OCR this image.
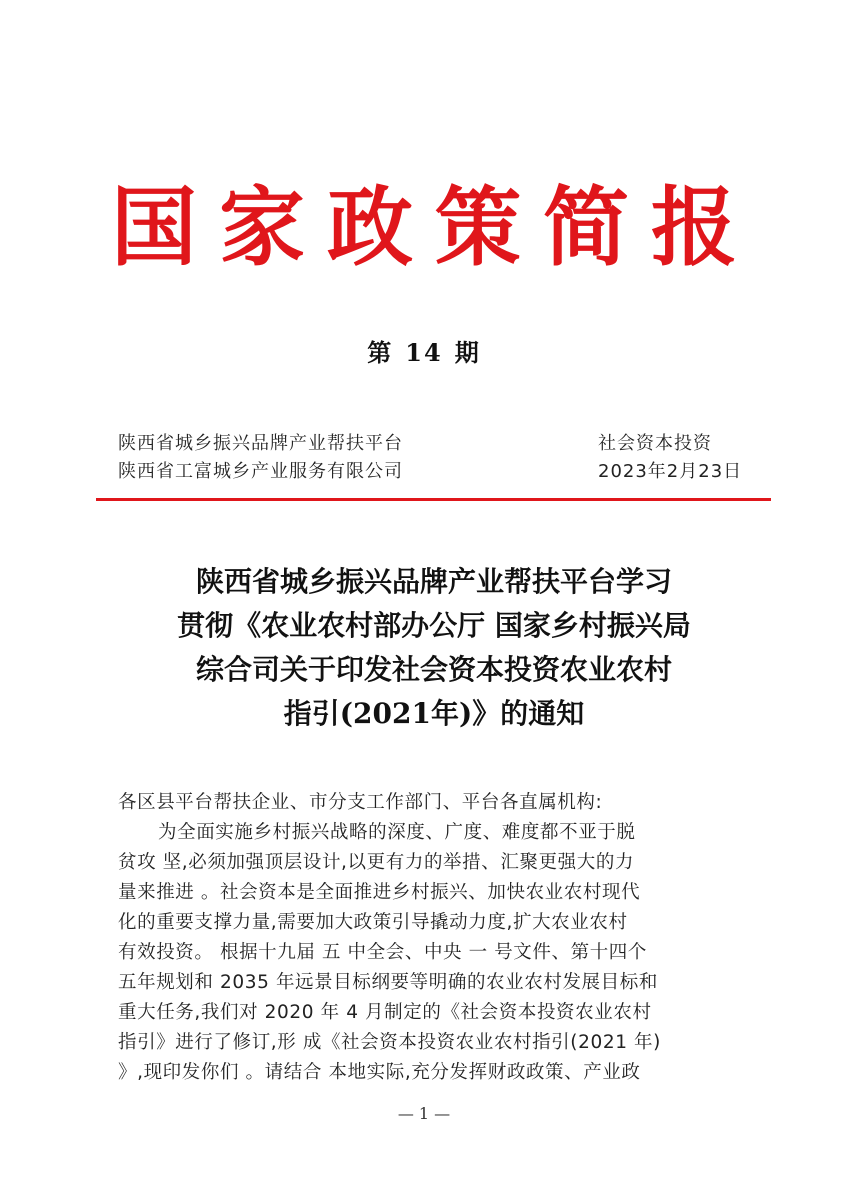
国家政策简报
第 14 期
陕西省城乡振兴品牌产业帮扶平台
陕西省工富城乡产业服务有限公司
社会资本投资
2023年2月23日
陕西省城乡振兴品牌产业帮扶平台学习
贯彻《农业农村部办公厅 国家乡村振兴局
综合司关于印发社会资本投资农业农村
指引(2021年)》的通知
各区县平台帮扶企业、市分支工作部门、平台各直属机构:
为全面实施乡村振兴战略的深度、广度、难度都不亚于脱
贫攻 坚,必须加强顶层设计,以更有力的举措、汇聚更强大的力
量来推进 。社会资本是全面推进乡村振兴、加快农业农村现代
化的重要支撑力量,需要加大政策引导撬动力度,扩大农业农村
有效投资。 根据十九届 五 中全会、中央 一 号文件、第十四个
五年规划和 2035 年远景目标纲要等明确的农业农村发展目标和
重大任务,我们对 2020 年 4 月制定的《社会资本投资农业农村
指引》进行了修订,形 成《社会资本投资农业农村指引(2021 年)
》,现印发你们 。请结合 本地实际,充分发挥财政政策、产业政
— 1 —
